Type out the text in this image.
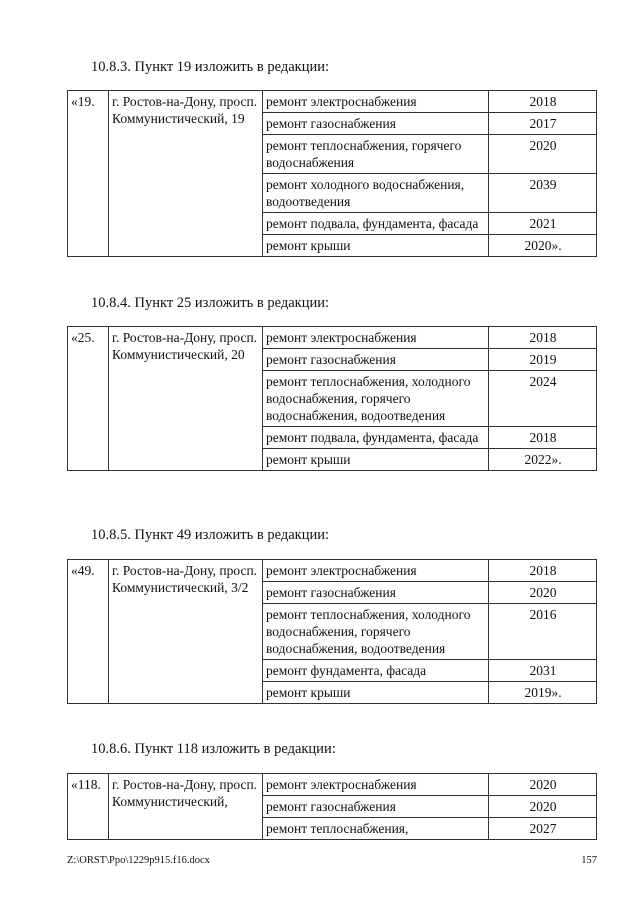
10.8.3. Пункт 19 изложить в редакции:
«19.	г. Ростов-на-Дону, просп. Коммунистический, 19	ремонт электроснабжения	2018
		ремонт газоснабжения	2017
		ремонт теплоснабжения, горячего водоснабжения	2020
		ремонт холодного водоснабжения, водоотведения	2039
		ремонт подвала, фундамента, фасада	2021
		ремонт крыши	2020».
10.8.4. Пункт 25 изложить в редакции:
«25.	г. Ростов-на-Дону, просп. Коммунистический, 20	ремонт электроснабжения	2018
		ремонт газоснабжения	2019
		ремонт теплоснабжения, холодного водоснабжения, горячего водоснабжения, водоотведения	2024
		ремонт подвала, фундамента, фасада	2018
		ремонт крыши	2022».
10.8.5. Пункт 49 изложить в редакции:
«49.	г. Ростов-на-Дону, просп. Коммунистический, 3/2	ремонт электроснабжения	2018
		ремонт газоснабжения	2020
		ремонт теплоснабжения, холодного водоснабжения, горячего водоснабжения, водоотведения	2016
		ремонт фундамента, фасада	2031
		ремонт крыши	2019».
10.8.6. Пункт 118 изложить в редакции:
«118.	г. Ростов-на-Дону, просп. Коммунистический,	ремонт электроснабжения	2020
		ремонт газоснабжения	2020
		ремонт теплоснабжения,	2027
Z:\ORST\Ppo\1229p915.f16.docx	157
